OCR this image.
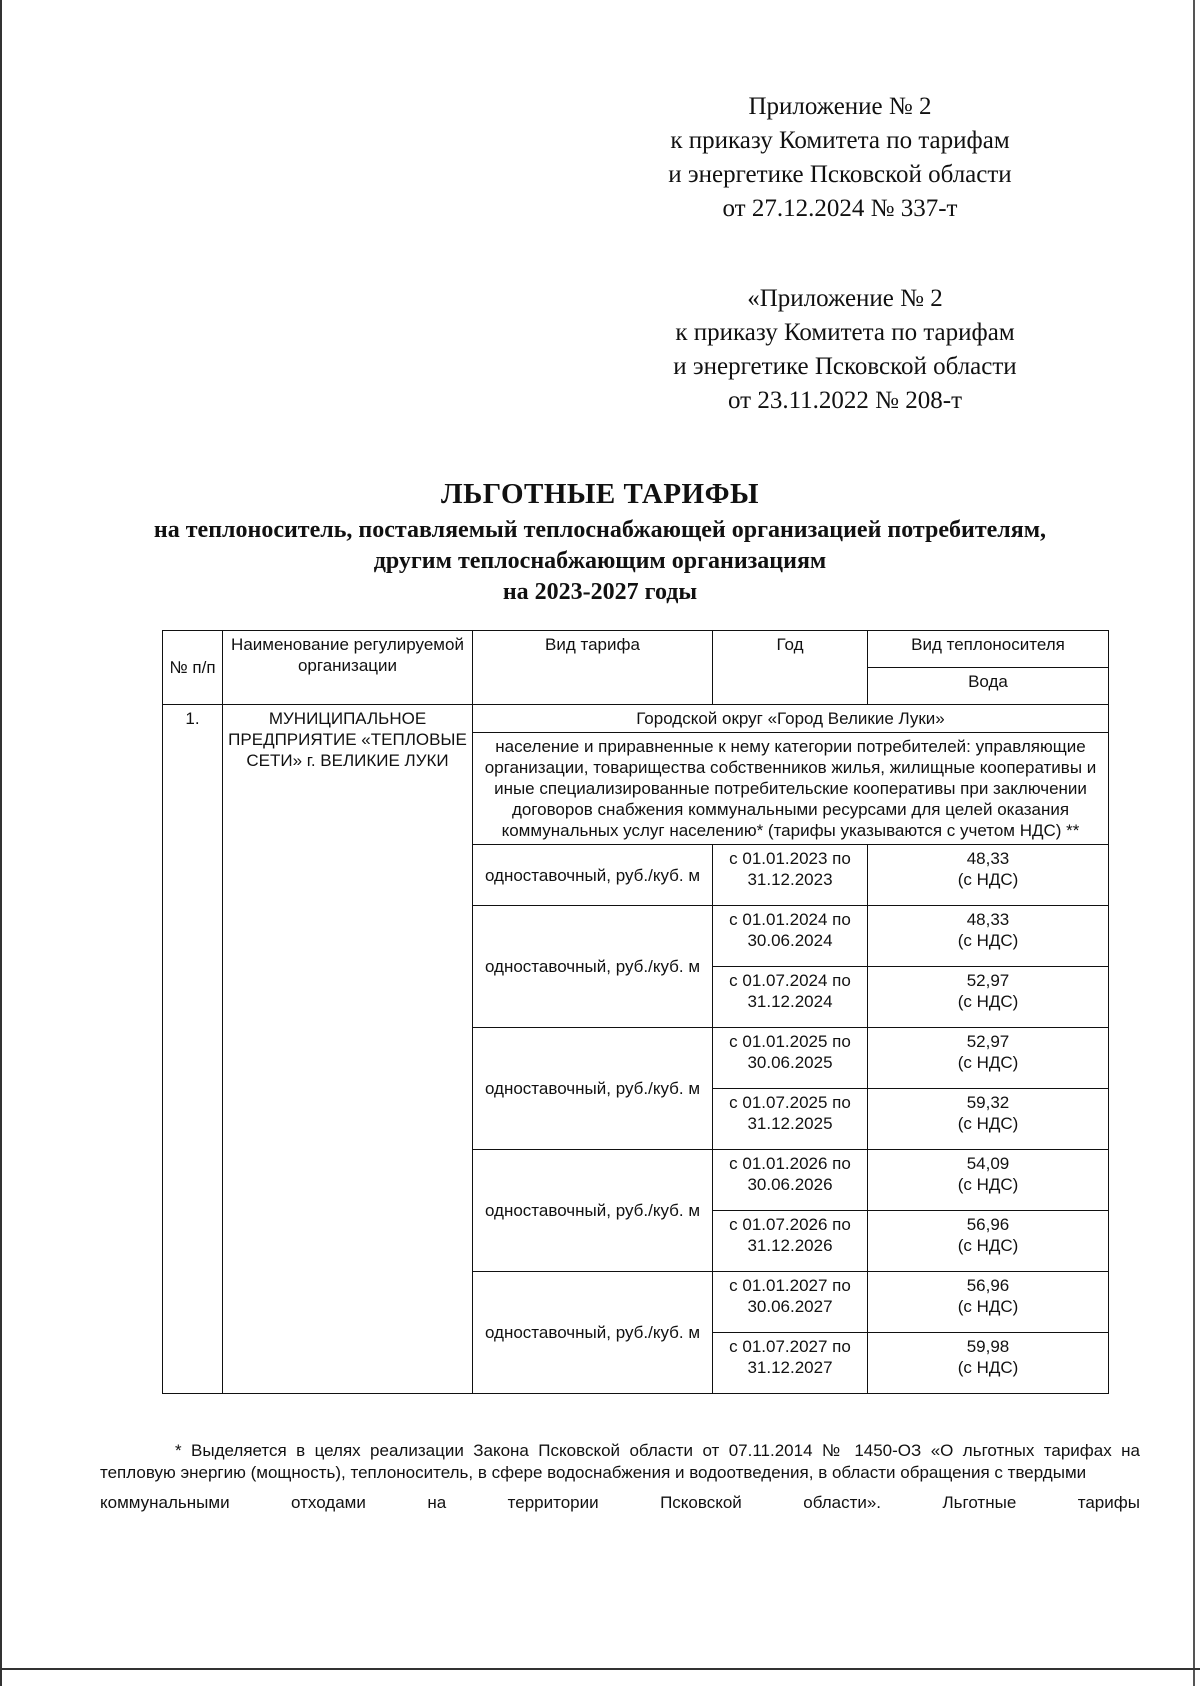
Приложение № 2
к приказу Комитета по тарифам
и энергетике Псковской области
от 27.12.2024 № 337-т
«Приложение № 2
к приказу Комитета по тарифам
и энергетике Псковской области
от 23.11.2022 № 208-т
ЛЬГОТНЫЕ ТАРИФЫ
на теплоноситель, поставляемый теплоснабжающей организацией потребителям,
другим теплоснабжающим организациям
на 2023-2027 годы
№ п/п	Наименование регулируемой организации	Вид тарифа	Год	Вид теплоносителя
				Вода
1.	МУНИЦИПАЛЬНОЕ ПРЕДПРИЯТИЕ «ТЕПЛОВЫЕ СЕТИ» г. ВЕЛИКИЕ ЛУКИ	Городской округ «Город Великие Луки»		
		население и приравненные к нему категории потребителей: управляющие организации, товарищества собственников жилья, жилищные кооперативы и иные специализированные потребительские кооперативы при заключении договоров снабжения коммунальными ресурсами для целей оказания коммунальных услуг населению* (тарифы указываются с учетом НДС) **		
		одноставочный, руб./куб. м	с 01.01.2023 по 31.12.2023	48,33
(с НДС)

		одноставочный, руб./куб. м	с 01.01.2024 по 30.06.2024	48,33
(с НДС)

			с 01.07.2024 по 31.12.2024	52,97
(с НДС)

		одноставочный, руб./куб. м	с 01.01.2025 по 30.06.2025	52,97
(с НДС)

			с 01.07.2025 по 31.12.2025	59,32
(с НДС)

		одноставочный, руб./куб. м	с 01.01.2026 по 30.06.2026	54,09
(с НДС)

			с 01.07.2026 по 31.12.2026	56,96
(с НДС)

		одноставочный, руб./куб. м	с 01.01.2027 по 30.06.2027	56,96
(с НДС)

			с 01.07.2027 по 31.12.2027	59,98
(с НДС)
* Выделяется в целях реализации Закона Псковской области от 07.11.2014 № 1450-ОЗ «О льготных тарифах на тепловую энергию (мощность), теплоноситель, в сфере водоснабжения и водоотведения, в области обращения с твердыми
коммунальными	отходами	на	территории	Псковской	области».	Льготные	тарифы
